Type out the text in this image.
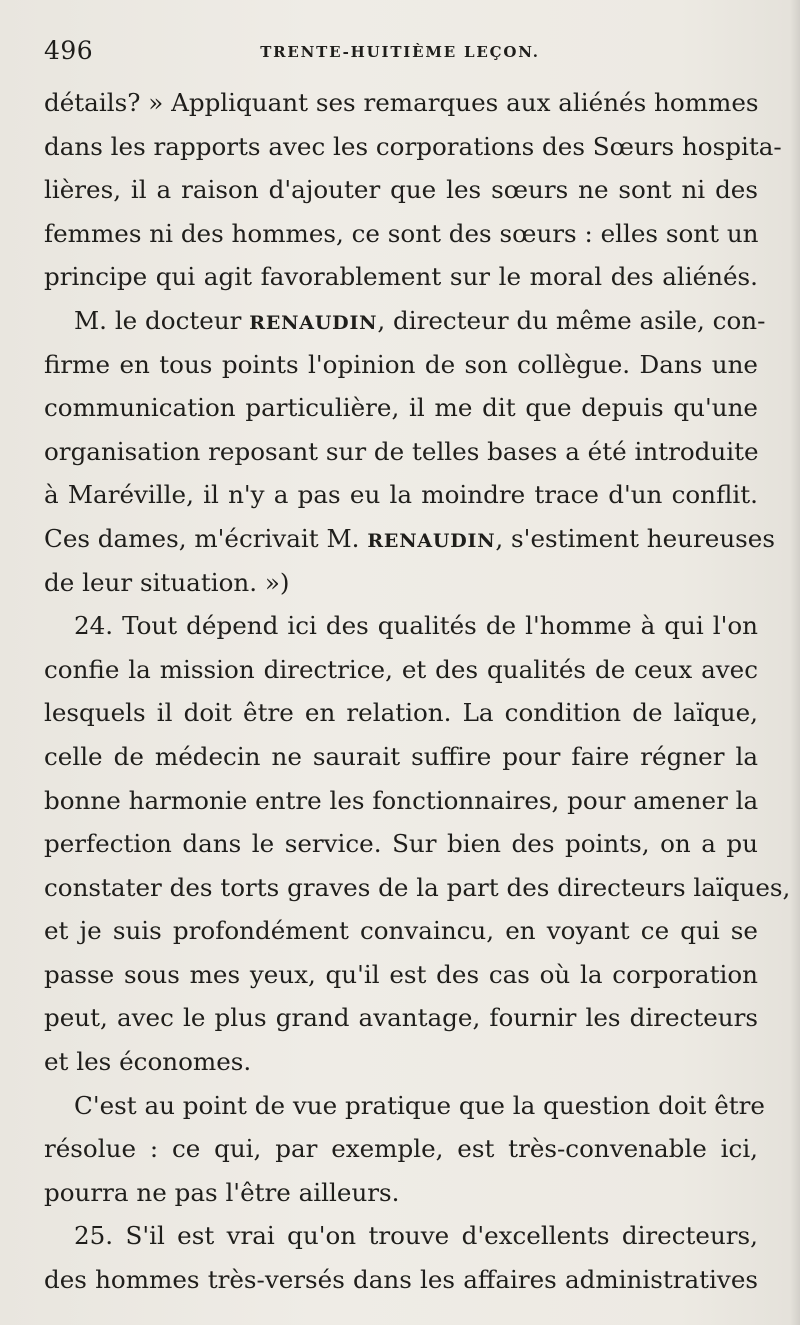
496	TRENTE-HUITIÈME LEÇON.
détails? » Appliquant ses remarques aux aliénés hommes
dans les rapports avec les corporations des Sœurs hospita-
lières, il a raison d'ajouter que les sœurs ne sont ni des
femmes ni des hommes, ce sont des sœurs : elles sont un
principe qui agit favorablement sur le moral des aliénés.
M. le docteur RENAUDIN, directeur du même asile, con-
firme en tous points l'opinion de son collègue. Dans une
communication particulière, il me dit que depuis qu'une
organisation reposant sur de telles bases a été introduite
à Maréville, il n'y a pas eu la moindre trace d'un conflit.
Ces dames, m'écrivait M. RENAUDIN, s'estiment heureuses
de leur situation. »)
24. Tout dépend ici des qualités de l'homme à qui l'on
confie la mission directrice, et des qualités de ceux avec
lesquels il doit être en relation. La condition de laïque,
celle de médecin ne saurait suffire pour faire régner la
bonne harmonie entre les fonctionnaires, pour amener la
perfection dans le service. Sur bien des points, on a pu
constater des torts graves de la part des directeurs laïques,
et je suis profondément convaincu, en voyant ce qui se
passe sous mes yeux, qu'il est des cas où la corporation
peut, avec le plus grand avantage, fournir les directeurs
et les économes.
C'est au point de vue pratique que la question doit être
résolue : ce qui, par exemple, est très-convenable ici,
pourra ne pas l'être ailleurs.
25. S'il est vrai qu'on trouve d'excellents directeurs,
des hommes très-versés dans les affaires administratives
